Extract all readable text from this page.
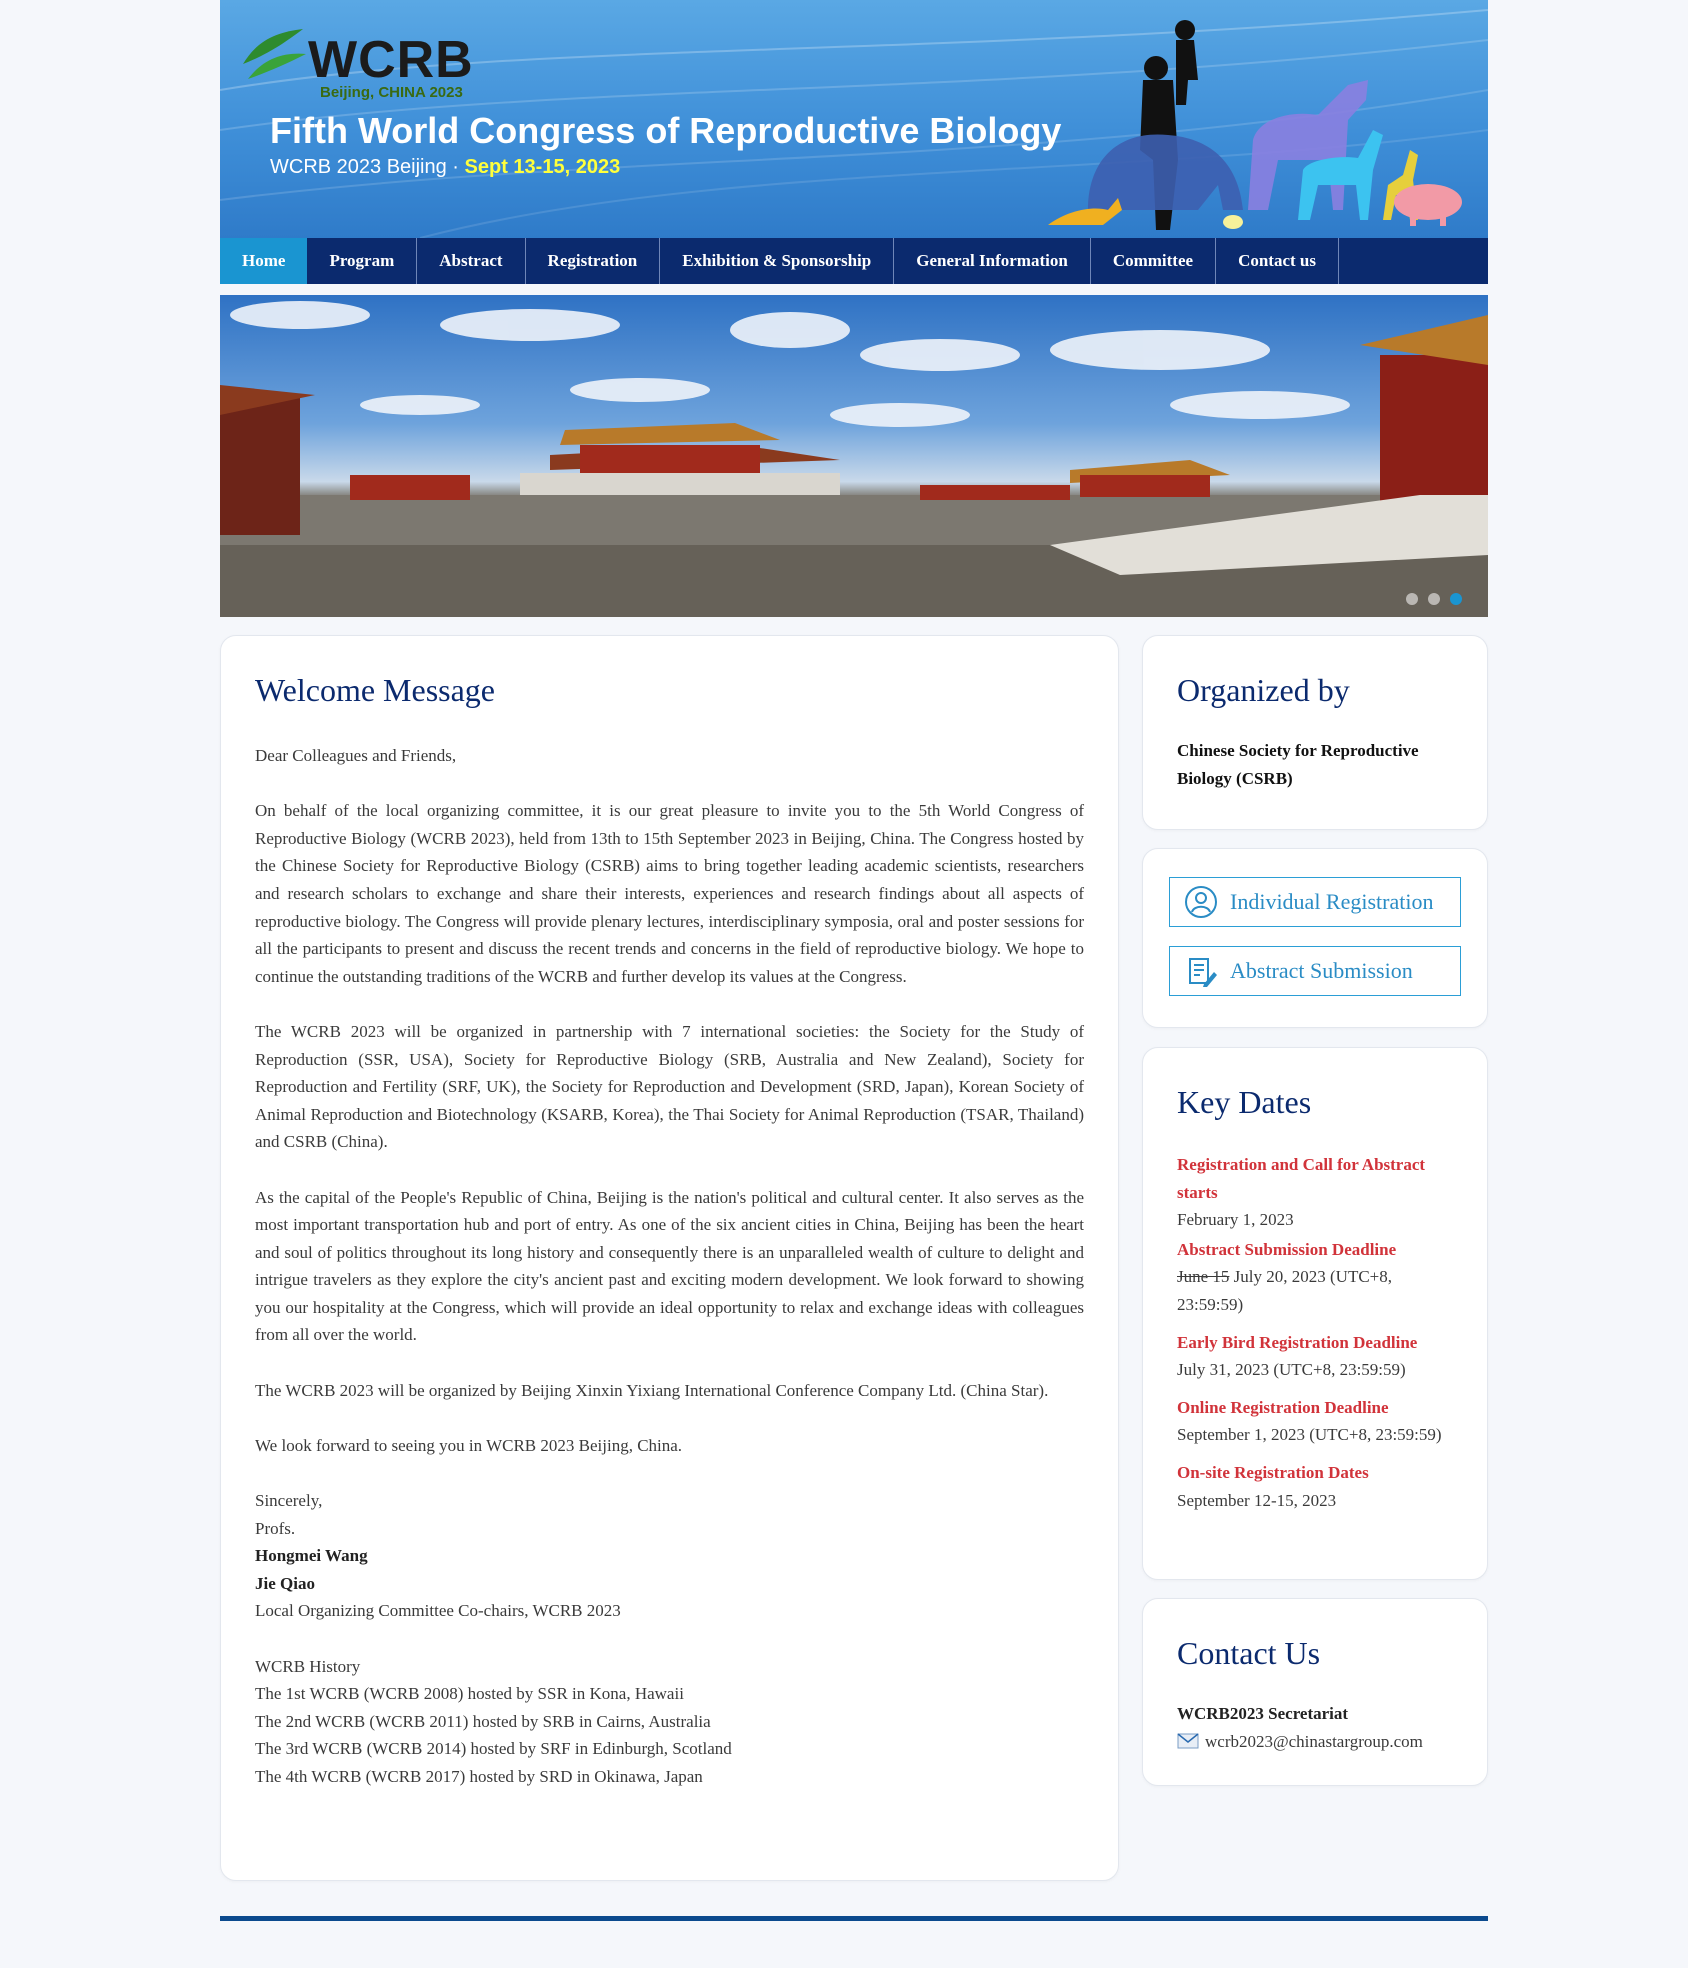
WCRB
Beijing, CHINA 2023
Fifth World Congress of Reproductive Biology
WCRB 2023 Beijing · Sept 13-15, 2023
Home	Program	Abstract	Registration	Exhibition & Sponsorship	General Information	Committee	Contact us
Welcome Message

Dear Colleagues and Friends,

On behalf of the local organizing committee, it is our great pleasure to invite you to the 5th World Congress of Reproductive Biology (WCRB 2023), held from 13th to 15th September 2023 in Beijing, China. The Congress hosted by the Chinese Society for Reproductive Biology (CSRB) aims to bring together leading academic scientists, researchers and research scholars to exchange and share their interests, experiences and research findings about all aspects of reproductive biology. The Congress will provide plenary lectures, interdisciplinary symposia, oral and poster sessions for all the participants to present and discuss the recent trends and concerns in the field of reproductive biology. We hope to continue the outstanding traditions of the WCRB and further develop its values at the Congress.

The WCRB 2023 will be organized in partnership with 7 international societies: the Society for the Study of Reproduction (SSR, USA), Society for Reproductive Biology (SRB, Australia and New Zealand), Society for Reproduction and Fertility (SRF, UK), the Society for Reproduction and Development (SRD, Japan), Korean Society of Animal Reproduction and Biotechnology (KSARB, Korea), the Thai Society for Animal Reproduction (TSAR, Thailand) and CSRB (China).

As the capital of the People's Republic of China, Beijing is the nation's political and cultural center. It also serves as the most important transportation hub and port of entry. As one of the six ancient cities in China, Beijing has been the heart and soul of politics throughout its long history and consequently there is an unparalleled wealth of culture to delight and intrigue travelers as they explore the city's ancient past and exciting modern development. We look forward to showing you our hospitality at the Congress, which will provide an ideal opportunity to relax and exchange ideas with colleagues from all over the world.

The WCRB 2023 will be organized by Beijing Xinxin Yixiang International Conference Company Ltd. (China Star).

We look forward to seeing you in WCRB 2023 Beijing, China.

Sincerely,

Profs.

Hongmei Wang

Jie Qiao

Local Organizing Committee Co-chairs, WCRB 2023

WCRB History

The 1st WCRB (WCRB 2008) hosted by SSR in Kona, Hawaii

The 2nd WCRB (WCRB 2011) hosted by SRB in Cairns, Australia

The 3rd WCRB (WCRB 2014) hosted by SRF in Edinburgh, Scotland

The 4th WCRB (WCRB 2017) hosted by SRD in Okinawa, Japan

Organized by
Chinese Society for Reproductive Biology (CSRB)
Individual Registration
Abstract Submission
Key Dates
Registration and Call for Abstract starts
February 1, 2023
Abstract Submission Deadline
June 15 July 20, 2023 (UTC+8, 23:59:59)
Early Bird Registration Deadline
July 31, 2023 (UTC+8, 23:59:59)
Online Registration Deadline
September 1, 2023 (UTC+8, 23:59:59)
On-site Registration Dates
September 12-15, 2023
Contact Us
WCRB2023 Secretariat
wcrb2023@chinastargroup.com
